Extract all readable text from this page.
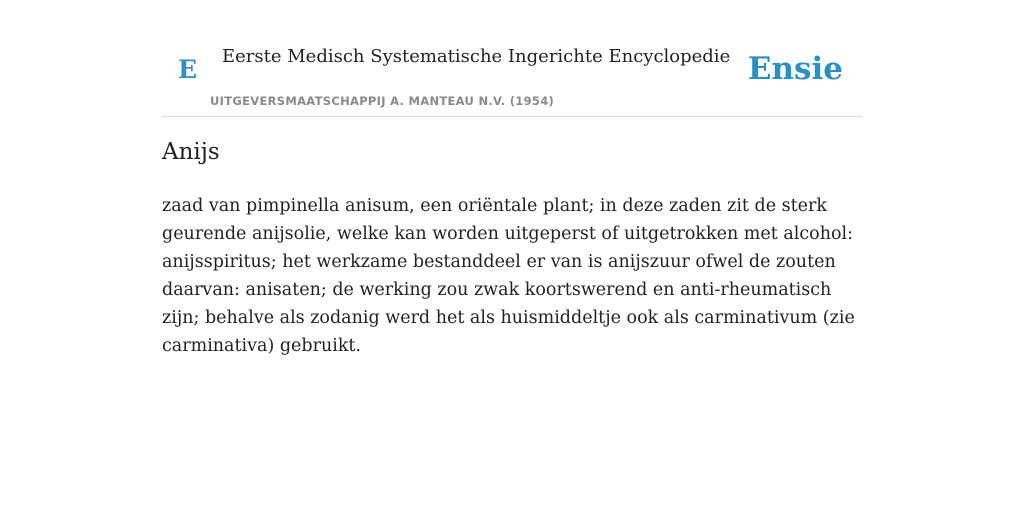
E Eerste Medisch Systematische Ingerichte Encyclopedie
UITGEVERSMAATSCHAPPIJ A. MANTEAU N.V. (1954)
Ensie
Anijs

zaad van pimpinella anisum, een oriëntale plant; in deze zaden zit de sterk geurende anijsolie, welke kan worden uitgeperst of uitgetrokken met alcohol: anijsspiritus; het werkzame bestanddeel er van is anijszuur ofwel de zouten daarvan: anisaten; de werking zou zwak koortswerend en anti-rheumatisch zijn; behalve als zodanig werd het als huismiddeltje ook als carminativum (zie carminativa) gebruikt.
